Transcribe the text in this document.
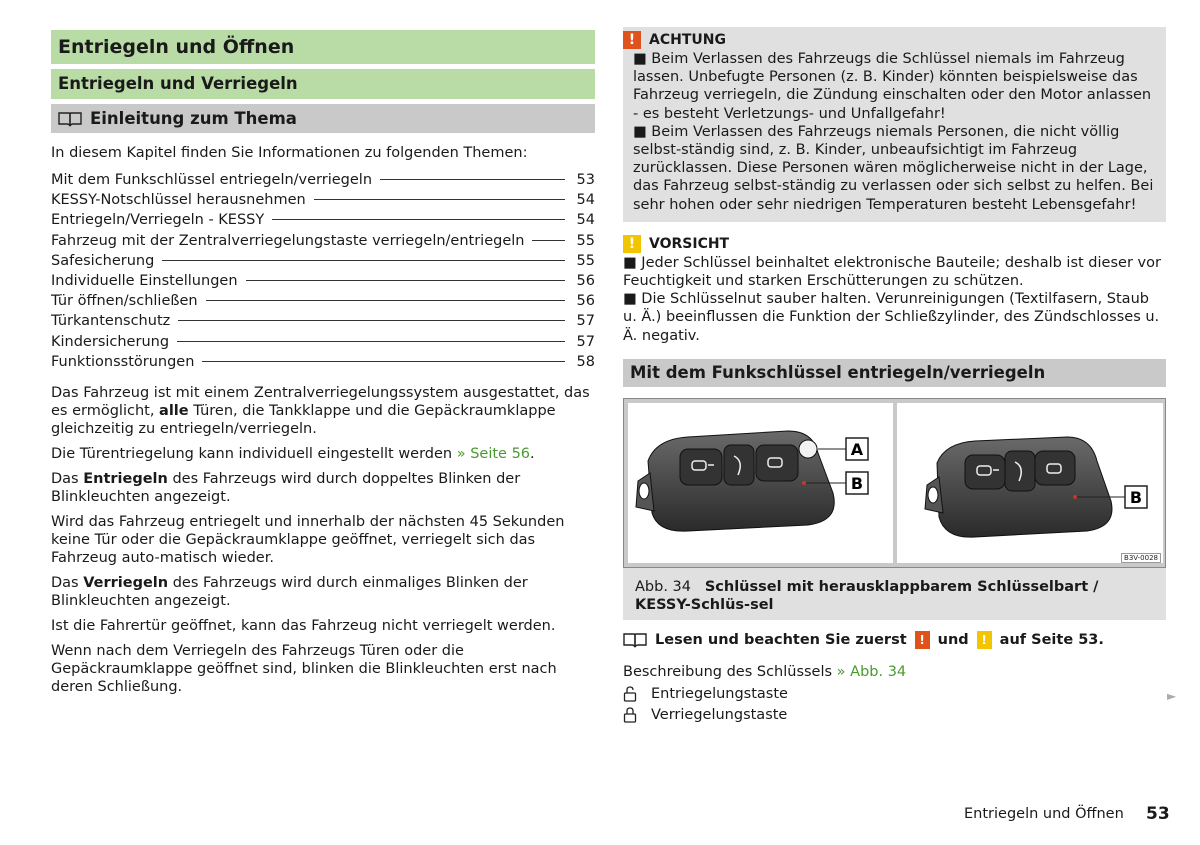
Entriegeln und Öffnen
Entriegeln und Verriegeln
Einleitung zum Thema

In diesem Kapitel finden Sie Informationen zu folgenden Themen:

Mit dem Funkschlüssel entriegeln/verriegeln	53
KESSY-Notschlüssel herausnehmen	54
Entriegeln/Verriegeln - KESSY	54
Fahrzeug mit der Zentralverriegelungstaste verriegeln/entriegeln	55
Safesicherung	55
Individuelle Einstellungen	56
Tür öffnen/schließen	56
Türkantenschutz	57
Kindersicherung	57
Funktionsstörungen	58

Das Fahrzeug ist mit einem Zentralverriegelungssystem ausgestattet, das es ermöglicht, alle Türen, die Tankklappe und die Gepäckraumklappe gleichzeitig zu entriegeln/verriegeln.

Die Türentriegelung kann individuell eingestellt werden » Seite 56.

Das Entriegeln des Fahrzeugs wird durch doppeltes Blinken der Blinkleuchten angezeigt.

Wird das Fahrzeug entriegelt und innerhalb der nächsten 45 Sekunden keine Tür oder die Gepäckraumklappe geöffnet, verriegelt sich das Fahrzeug auto-matisch wieder.

Das Verriegeln des Fahrzeugs wird durch einmaliges Blinken der Blinkleuchten angezeigt.

Ist die Fahrertür geöffnet, kann das Fahrzeug nicht verriegelt werden.

Wenn nach dem Verriegeln des Fahrzeugs Türen oder die Gepäckraumklappe geöffnet sind, blinken die Blinkleuchten erst nach deren Schließung.

! ACHTUNG
■ Beim Verlassen des Fahrzeugs die Schlüssel niemals im Fahrzeug lassen. Unbefugte Personen (z. B. Kinder) könnten beispielsweise das Fahrzeug verriegeln, die Zündung einschalten oder den Motor anlassen - es besteht Verletzungs- und Unfallgefahr!
■ Beim Verlassen des Fahrzeugs niemals Personen, die nicht völlig selbst-ständig sind, z. B. Kinder, unbeaufsichtigt im Fahrzeug zurücklassen. Diese Personen wären möglicherweise nicht in der Lage, das Fahrzeug selbst-ständig zu verlassen oder sich selbst zu helfen. Bei sehr hohen oder sehr niedrigen Temperaturen besteht Lebensgefahr!
! VORSICHT
■ Jeder Schlüssel beinhaltet elektronische Bauteile; deshalb ist dieser vor Feuchtigkeit und starken Erschütterungen zu schützen.
■ Die Schlüsselnut sauber halten. Verunreinigungen (Textilfasern, Staub u. Ä.) beeinflussen die Funktion der Schließzylinder, des Zündschlosses u. Ä. negativ.
Mit dem Funkschlüssel entriegeln/verriegeln
A
B
B
B3V-0028
Abb. 34 Schlüssel mit herausklappbarem Schlüsselbart / KESSY-Schlüs-sel
Lesen und beachten Sie zuerst	! und	! auf Seite 53.
Beschreibung des Schlüssels » Abb. 34
Entriegelungstaste
Verriegelungstaste
►
Entriegeln und Öffnen 53
